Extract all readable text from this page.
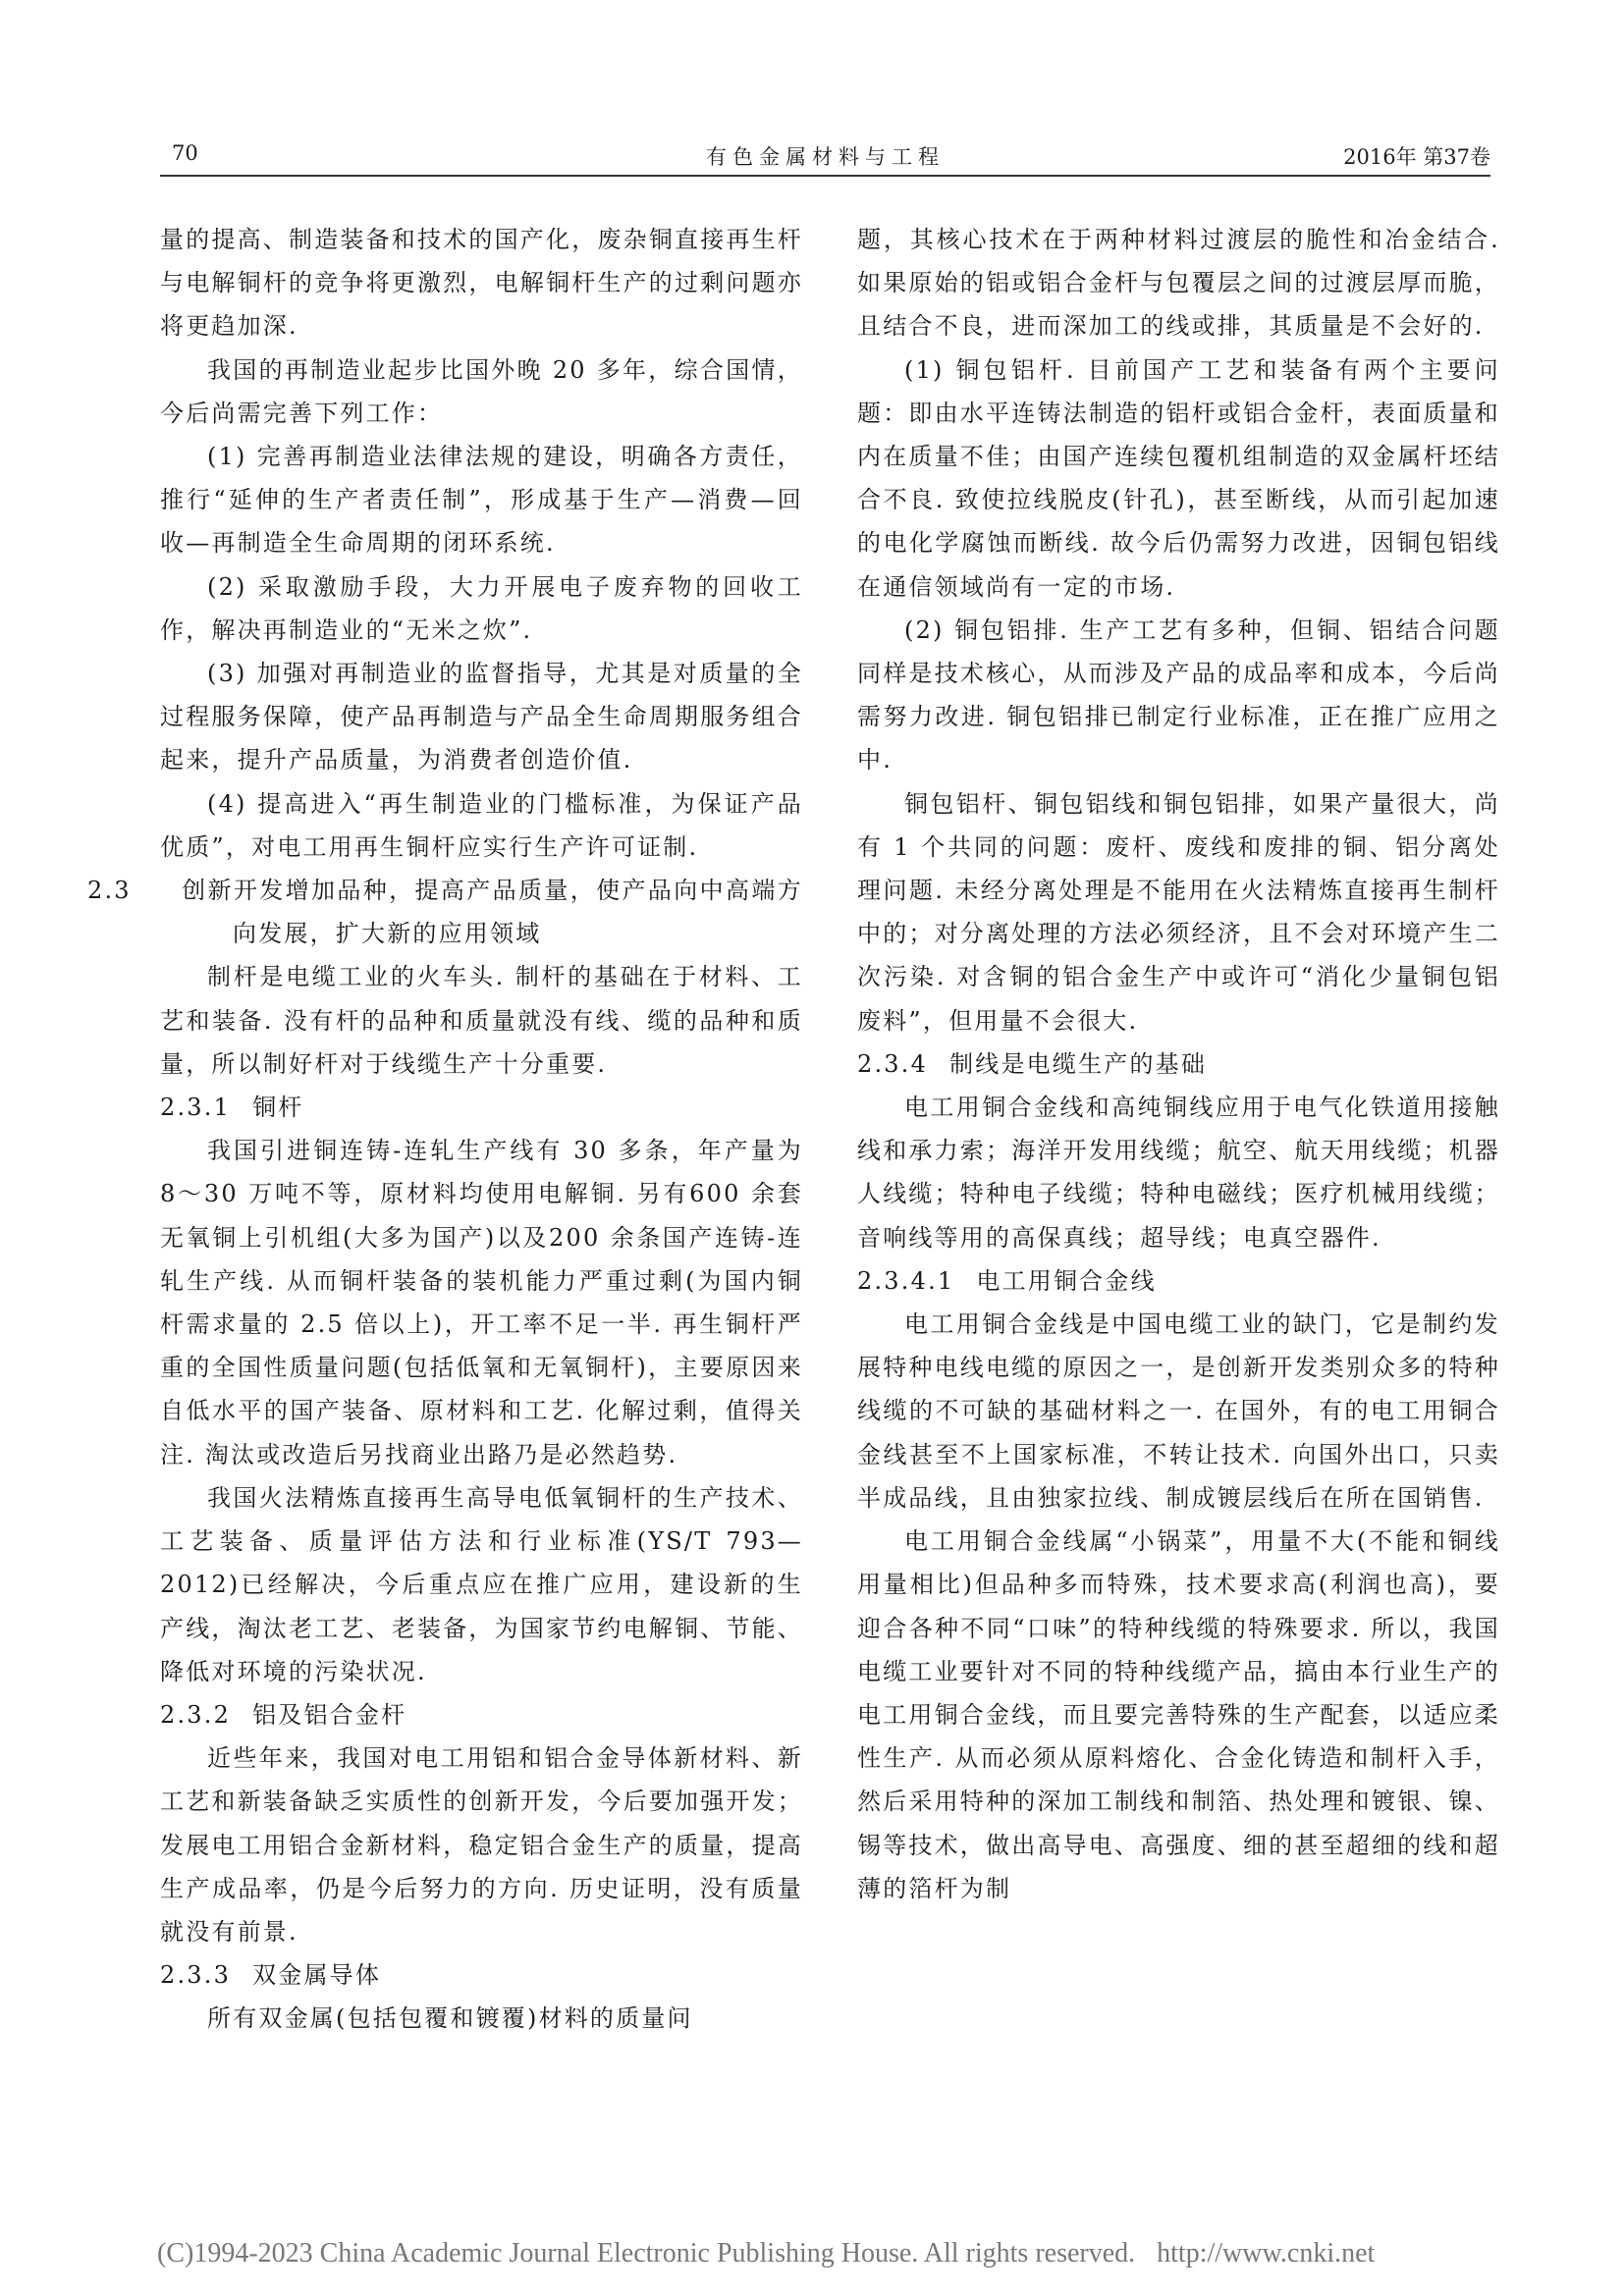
70	有色金属材料与工程	2016年 第37卷

量的提高、制造装备和技术的国产化，废杂铜直接再生杆与电解铜杆的竞争将更激烈，电解铜杆生产的过剩问题亦将更趋加深.

我国的再制造业起步比国外晚 20 多年，综合国情，今后尚需完善下列工作：

(1) 完善再制造业法律法规的建设，明确各方责任，推行“延伸的生产者责任制”，形成基于生产—消费—回收—再制造全生命周期的闭环系统.

(2) 采取激励手段，大力开展电子废弃物的回收工作，解决再制造业的“无米之炊”.

(3) 加强对再制造业的监督指导，尤其是对质量的全过程服务保障，使产品再制造与产品全生命周期服务组合起来，提升产品质量，为消费者创造价值.

(4) 提高进入“再生制造业的门槛标准，为保证产品优质”，对电工用再生铜杆应实行生产许可证制.

2.3 创新开发增加品种，提高产品质量，使产品向中高端方向发展，扩大新的应用领域

制杆是电缆工业的火车头. 制杆的基础在于材料、工艺和装备. 没有杆的品种和质量就没有线、缆的品种和质量，所以制好杆对于线缆生产十分重要.

2.3.1 铜杆

我国引进铜连铸-连轧生产线有 30 多条，年产量为 8～30 万吨不等，原材料均使用电解铜. 另有600 余套无氧铜上引机组(大多为国产)以及200 余条国产连铸-连轧生产线. 从而铜杆装备的装机能力严重过剩(为国内铜杆需求量的 2.5 倍以上)，开工率不足一半. 再生铜杆严重的全国性质量问题(包括低氧和无氧铜杆)，主要原因来自低水平的国产装备、原材料和工艺. 化解过剩，值得关注. 淘汰或改造后另找商业出路乃是必然趋势.

我国火法精炼直接再生高导电低氧铜杆的生产技术、工艺装备、质量评估方法和行业标准(YS/T 793—2012)已经解决，今后重点应在推广应用，建设新的生产线，淘汰老工艺、老装备，为国家节约电解铜、节能、降低对环境的污染状况.

2.3.2 铝及铝合金杆

近些年来，我国对电工用铝和铝合金导体新材料、新工艺和新装备缺乏实质性的创新开发，今后要加强开发；发展电工用铝合金新材料，稳定铝合金生产的质量，提高生产成品率，仍是今后努力的方向. 历史证明，没有质量就没有前景.

2.3.3 双金属导体

所有双金属(包括包覆和镀覆)材料的质量问

题，其核心技术在于两种材料过渡层的脆性和冶金结合. 如果原始的铝或铝合金杆与包覆层之间的过渡层厚而脆，且结合不良，进而深加工的线或排，其质量是不会好的.

(1) 铜包铝杆. 目前国产工艺和装备有两个主要问题：即由水平连铸法制造的铝杆或铝合金杆，表面质量和内在质量不佳；由国产连续包覆机组制造的双金属杆坯结合不良. 致使拉线脱皮(针孔)，甚至断线，从而引起加速的电化学腐蚀而断线. 故今后仍需努力改进，因铜包铝线在通信领域尚有一定的市场.

(2) 铜包铝排. 生产工艺有多种，但铜、铝结合问题同样是技术核心，从而涉及产品的成品率和成本，今后尚需努力改进. 铜包铝排已制定行业标准，正在推广应用之中.

铜包铝杆、铜包铝线和铜包铝排，如果产量很大，尚有 1 个共同的问题：废杆、废线和废排的铜、铝分离处理问题. 未经分离处理是不能用在火法精炼直接再生制杆中的；对分离处理的方法必须经济，且不会对环境产生二次污染. 对含铜的铝合金生产中或许可“消化少量铜包铝废料”，但用量不会很大.

2.3.4 制线是电缆生产的基础

电工用铜合金线和高纯铜线应用于电气化铁道用接触线和承力索；海洋开发用线缆；航空、航天用线缆；机器人线缆；特种电子线缆；特种电磁线；医疗机械用线缆；音响线等用的高保真线；超导线；电真空器件.

2.3.4.1 电工用铜合金线

电工用铜合金线是中国电缆工业的缺门，它是制约发展特种电线电缆的原因之一，是创新开发类别众多的特种线缆的不可缺的基础材料之一. 在国外，有的电工用铜合金线甚至不上国家标准，不转让技术. 向国外出口，只卖半成品线，且由独家拉线、制成镀层线后在所在国销售.

电工用铜合金线属“小锅菜”，用量不大(不能和铜线用量相比)但品种多而特殊，技术要求高(利润也高)，要迎合各种不同“口味”的特种线缆的特殊要求. 所以，我国电缆工业要针对不同的特种线缆产品，搞由本行业生产的电工用铜合金线，而且要完善特殊的生产配套，以适应柔性生产. 从而必须从原料熔化、合金化铸造和制杆入手，然后采用特种的深加工制线和制箔、热处理和镀银、镍、锡等技术，做出高导电、高强度、细的甚至超细的线和超薄的箔杆为制

(C)1994-2023 China Academic Journal Electronic Publishing House. All rights reserved. http://www.cnki.net
